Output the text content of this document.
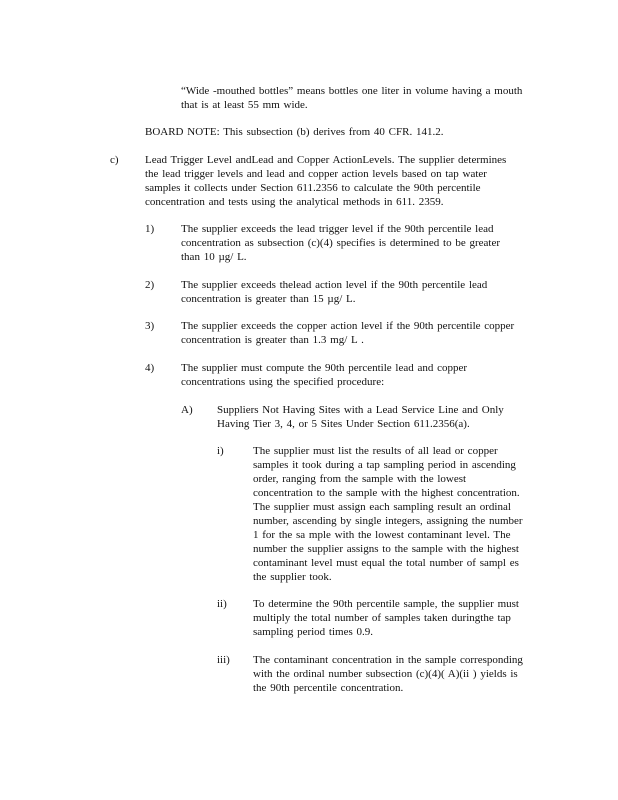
“Wide -mouthed bottles” means bottles one liter in volume having a mouth
that is at least 55 mm wide.
BOARD NOTE: This subsection (b) derives from 40 CFR. 141.2.
c) Lead Trigger Level andLead and Copper ActionLevels. The supplier determines
the lead trigger levels and lead and copper action levels based on tap water
samples it collects under Section 611.2356 to calculate the 90th percentile
concentration and tests using the analytical methods in 611. 2359.
1) The supplier exceeds the lead trigger level if the 90th percentile lead
concentration as subsection (c)(4) specifies is determined to be greater
than 10 µg/ L.
2) The supplier exceeds thelead action level if the 90th percentile lead
concentration is greater than 15 µg/ L.
3) The supplier exceeds the copper action level if the 90th percentile copper
concentration is greater than 1.3 mg/ L .
4) The supplier must compute the 90th percentile lead and copper
concentrations using the specified procedure:
A) Suppliers Not Having Sites with a Lead Service Line and Only
Having Tier 3, 4, or 5 Sites Under Section 611.2356(a).
i)	The supplier must list the results of all lead or copper
samples it took during a tap sampling period in ascending
order, ranging from the sample with the lowest
concentration to the sample with the highest concentration.
The supplier must assign each sampling result an ordinal
number, ascending by single integers, assigning the number
1 for the sa mple with the lowest contaminant level. The
number the supplier assigns to the sample with the highest
contaminant level must equal the total number of sampl es
the supplier took.
ii) To determine the 90th percentile sample, the supplier must
multiply the total number of samples taken duringthe tap
sampling period times 0.9.
iii) The contaminant concentration in the sample corresponding
with the ordinal number subsection (c)(4)( A)(ii ) yields is
the 90th percentile concentration.
